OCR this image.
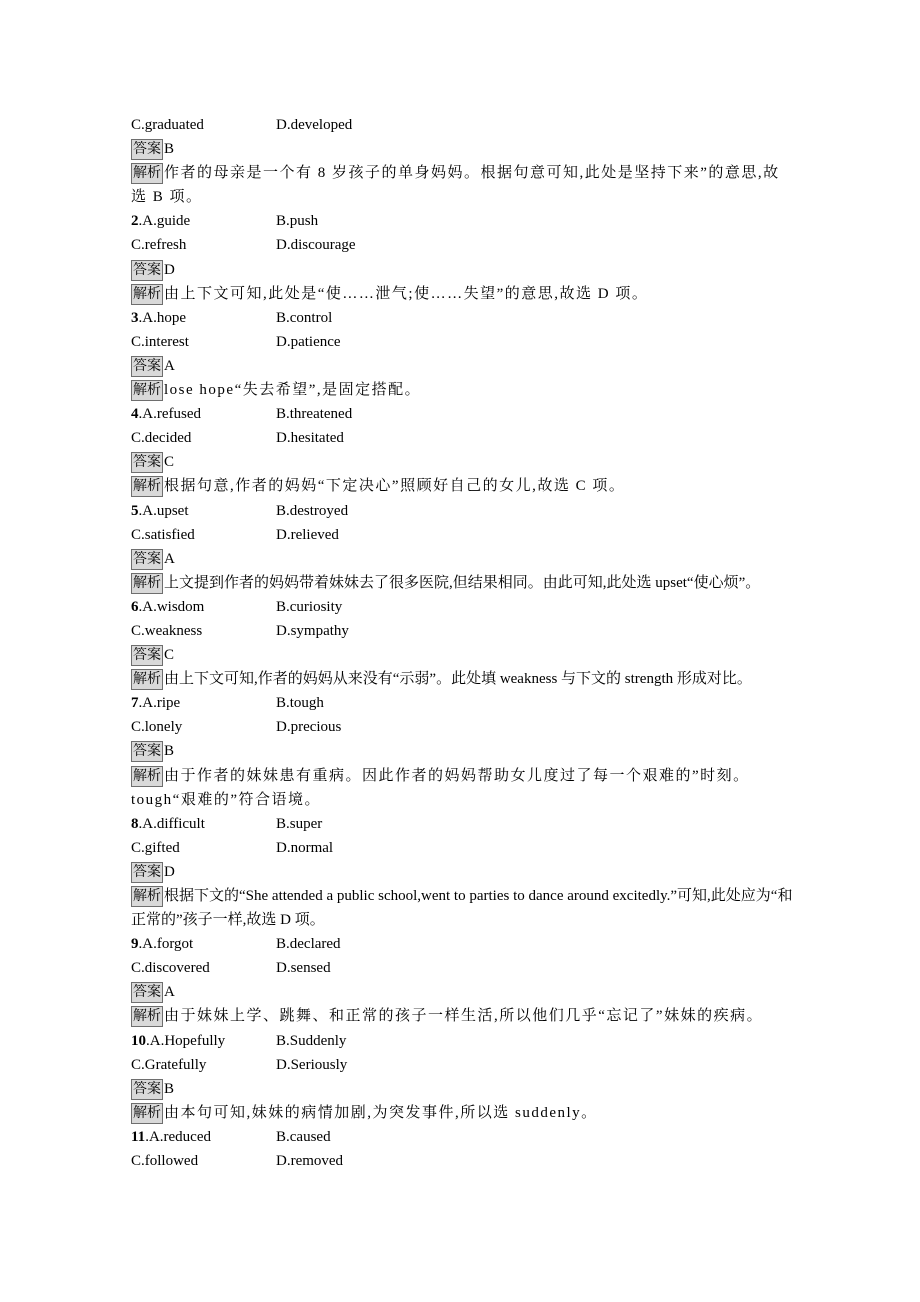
C.graduated	D.developed
答案 B
解析 作者的母亲是一个有 8 岁孩子的单身妈妈。根据句意可知,此处是坚持下来”的意思,故选 B 项。
2.A.guide	B.push
C.refresh	D.discourage
答案 D
解析 由上下文可知,此处是“使……泄气;使……失望”的意思,故选 D 项。
3.A.hope	B.control
C.interest	D.patience
答案 A
解析 lose hope“失去希望”,是固定搭配。
4.A.refused	B.threatened
C.decided	D.hesitated
答案 C
解析 根据句意,作者的妈妈“下定决心”照顾好自己的女儿,故选 C 项。
5.A.upset	B.destroyed
C.satisfied	D.relieved
答案 A
解析 上文提到作者的妈妈带着妹妹去了很多医院,但结果相同。由此可知,此处选 upset“使心烦”。
6.A.wisdom	B.curiosity
C.weakness	D.sympathy
答案 C
解析 由上下文可知,作者的妈妈从来没有“示弱”。此处填 weakness 与下文的 strength 形成对比。
7.A.ripe	B.tough
C.lonely	D.precious
答案 B
解析 由于作者的妹妹患有重病。因此作者的妈妈帮助女儿度过了每一个艰难的”时刻。tough“艰难的”符合语境。
8.A.difficult	B.super
C.gifted	D.normal
答案 D
解析 根据下文的“She attended a public school,went to parties to dance around excitedly.”可知,此处应为“和正常的”孩子一样,故选 D 项。
9.A.forgot	B.declared
C.discovered	D.sensed
答案 A
解析 由于妹妹上学、跳舞、和正常的孩子一样生活,所以他们几乎“忘记了”妹妹的疾病。
10.A.Hopefully	B.Suddenly
C.Gratefully	D.Seriously
答案 B
解析 由本句可知,妹妹的病情加剧,为突发事件,所以选 suddenly。
11.A.reduced	B.caused
C.followed	D.removed
